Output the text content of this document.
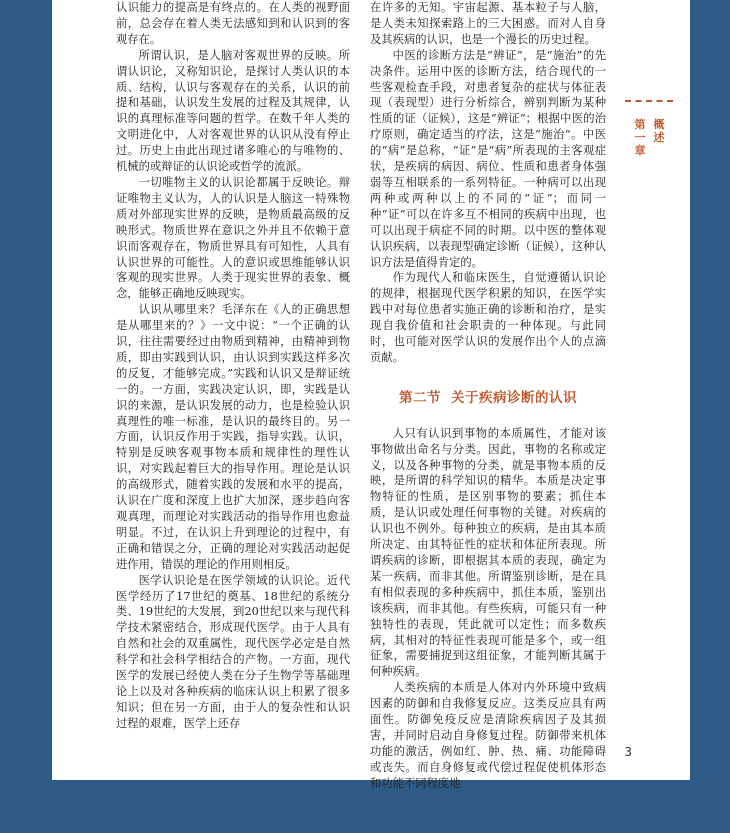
认识能力的提高是有终点的。在人类的视野面前，总会存在着人类无法感知到和认识到的客观存在。

所谓认识，是人脑对客观世界的反映。所谓认识论，又称知识论，是探讨人类认识的本质、结构，认识与客观存在的关系，认识的前提和基础，认识发生发展的过程及其规律，认识的真理标准等问题的哲学。在数千年人类的文明进化中，人对客观世界的认识从没有停止过。历史上由此出现过诸多唯心的与唯物的、机械的或辩证的认识论或哲学的流派。

一切唯物主义的认识论都属于反映论。辩证唯物主义认为，人的认识是人脑这一特殊物质对外部现实世界的反映，是物质最高级的反映形式。物质世界在意识之外并且不依赖于意识而客观存在，物质世界具有可知性，人具有认识世界的可能性。人的意识或思维能够认识客观的现实世界。人类于现实世界的表象、概念，能够正确地反映现实。

认识从哪里来？毛泽东在《人的正确思想是从哪里来的？》一文中说：“一个正确的认识，往往需要经过由物质到精神，由精神到物质，即由实践到认识，由认识到实践这样多次的反复，才能够完成。”实践和认识又是辩证统一的。一方面，实践决定认识，即，实践是认识的来源，是认识发展的动力，也是检验认识真理性的唯一标准，是认识的最终目的。另一方面，认识反作用于实践，指导实践。认识，特别是反映客观事物本质和规律性的理性认识，对实践起着巨大的指导作用。理论是认识的高级形式，随着实践的发展和水平的提高，认识在广度和深度上也扩大加深，逐步趋向客观真理，而理论对实践活动的指导作用也愈益明显。不过，在认识上升到理论的过程中，有正确和错误之分，正确的理论对实践活动起促进作用，错误的理论的作用则相反。

医学认识论是在医学领域的认识论。近代医学经历了17世纪的奠基、18世纪的系统分类、19世纪的大发展，到20世纪以来与现代科学技术紧密结合，形成现代医学。由于人具有自然和社会的双重属性，现代医学必定是自然科学和社会科学相结合的产物。一方面，现代医学的发展已经使人类在分子生物学等基础理论上以及对各种疾病的临床认识上积累了很多知识；但在另一方面，由于人的复杂性和认识过程的艰难，医学上还存

在许多的无知。宇宙起源、基本粒子与人脑，是人类未知探索路上的三大困惑。而对人自身及其疾病的认识，也是一个漫长的历史过程。

中医的诊断方法是“辨证”，是“施治”的先决条件。运用中医的诊断方法，结合现代的一些客观检查手段，对患者复杂的症状与体征表现（表现型）进行分析综合，辨别判断为某种性质的证（证候），这是“辨证”；根据中医的治疗原则，确定适当的疗法，这是“施治”。中医的“病”是总称，“证”是“病”所表现的主客观症状，是疾病的病因、病位、性质和患者身体强弱等互相联系的一系列特征。一种病可以出现两种或两种以上的不同的“证”；而同一种“证”可以在许多互不相同的疾病中出现，也可以出现于病症不同的时期。以中医的整体观认识疾病，以表现型确定诊断（证候），这种认识方法是值得肯定的。

作为现代人和临床医生，自觉遵循认识论的规律，根据现代医学积累的知识，在医学实践中对每位患者实施正确的诊断和治疗，是实现自我价值和社会职责的一种体现。与此同时，也可能对医学认识的发展作出个人的点滴贡献。

第二节 关于疾病诊断的认识

人只有认识到事物的本质属性，才能对该事物做出命名与分类。因此，事物的名称或定义，以及各种事物的分类，就是事物本质的反映，是所谓的科学知识的精华。本质是决定事物特征的性质，是区别事物的要素；抓住本质，是认识或处理任何事物的关键。对疾病的认识也不例外。每种独立的疾病，是由其本质所决定、由其特征性的症状和体征所表现。所谓疾病的诊断，即根据其本质的表现，确定为某一疾病，而非其他。所谓鉴别诊断，是在具有相似表现的多种疾病中，抓住本质，鉴别出该疾病，而非其他。有些疾病，可能只有一种独特性的表现，凭此就可以定性；而多数疾病，其相对的特征性表现可能是多个，或一组征象，需要捕捉到这组征象，才能判断其属于何种疾病。

人类疾病的本质是人体对内外环境中致病因素的防御和自我修复反应。这类反应具有两面性。防御免疫反应是清除疾病因子及其损害，并同时启动自身修复过程。防御带来机体功能的激活，例如红、肿、热、痛、功能障碍或丧失。而自身修复或代偿过程促使机体形态和功能不同程度地

第一章
概述
3
